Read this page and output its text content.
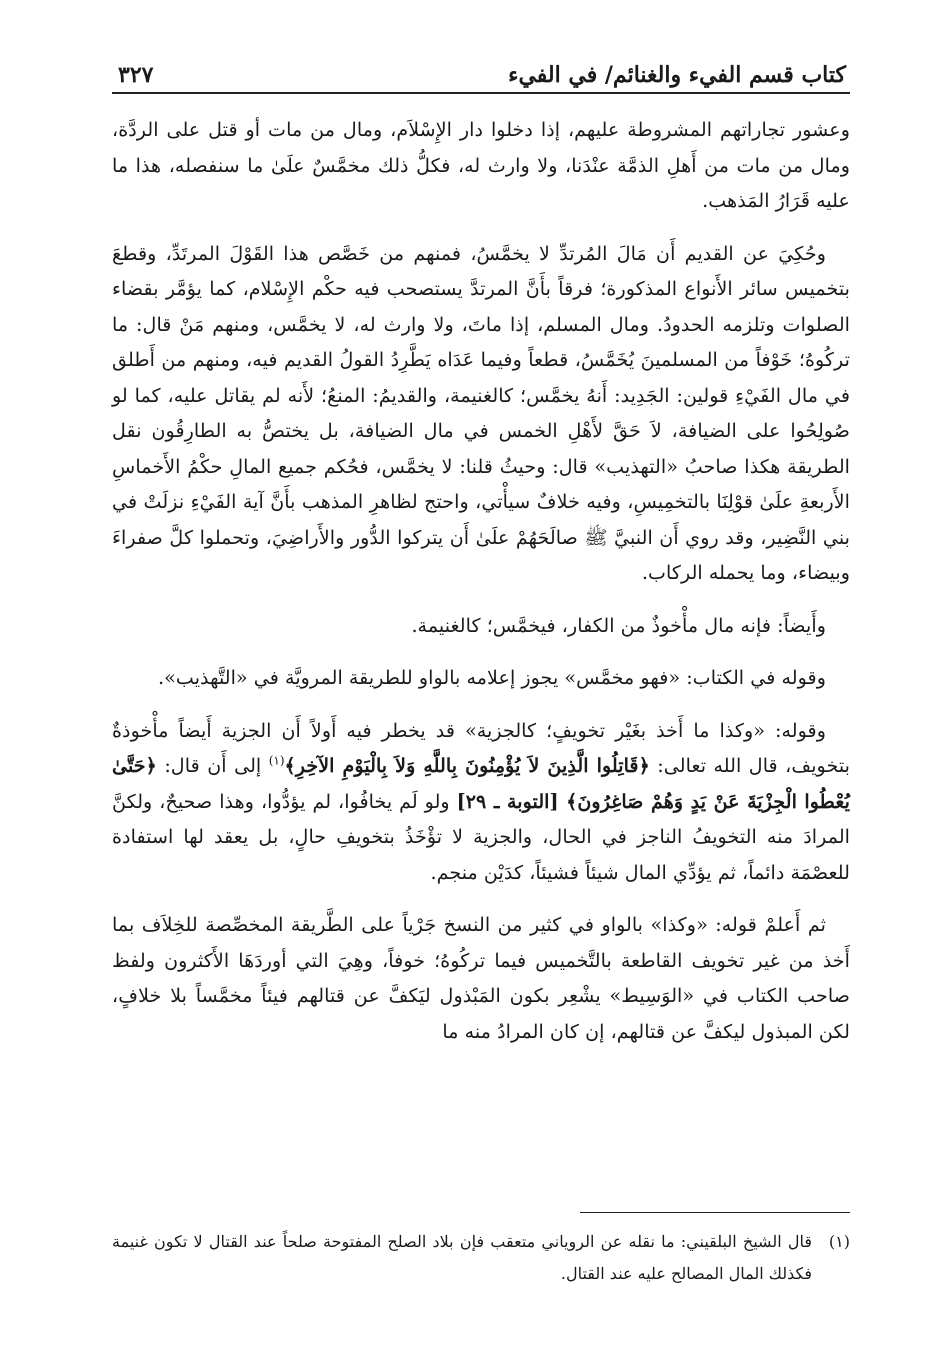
كتاب قسم الفيء والغنائم/ في الفيء
٣٢٧

وعشور تجاراتهم المشروطة عليهم، إذا دخلوا دار الإِسْلاَم، ومال من مات أو قتل على الردَّة، ومال من مات من أَهلِ الذمَّة عنْدَنا، ولا وارث له، فكلُّ ذلك مخمَّسٌ علَىٰ ما سنفصله، هذا ما عليه قَرَارُ المَذهب.

وحُكِيَ عن القديم أَن مَالَ المُرتدِّ لا يخمَّسُ، فمنهم من خَصَّص هذا القَوْلَ المرتَدِّ، وقطعَ بتخميس سائر الأَنواع المذكورة؛ فرقاً بأَنَّ المرتدَّ يستصحب فيه حكْم الإِسْلام، كما يؤمَّر بقضاء الصلوات وتلزمه الحدودُ. ومال المسلم، إذا ماتَ، ولا وارث له، لا يخمَّس، ومنهم مَنْ قال: ما تركُوهُ؛ خَوْفاً من المسلمينَ يُخَمَّسُ، قطعاً وفيما عَدَاه يَطَّرِدُ القولُ القديم فيه، ومنهم من أَطلق في مال الفَيْءِ قولين: الجَدِيد: أَنهُ يخمَّس؛ كالغنيمة، والقديمُ: المنعُ؛ لأَنه لم يقاتل عليه، كما لو صُولِحُوا على الضيافة، لاَ حَقَّ لأَهْلِ الخمس في مال الضيافة، بل يختصُّ به الطارِقُون نقل الطريقة هكذا صاحبُ «التهذيب» قال: وحيثُ قلنا: لا يخمَّس، فحُكم جميع المالِ حكْمُ الأَخماسِ الأَربعةِ علَىٰ قوْلِنَا بالتخمِيسِ، وفيه خلافٌ سيأْتي، واحتج لظاهرِ المذهب بأَنَّ آية الفَيْءِ نزلَتْ في بني النَّضِير، وقد روي أَن النبيَّ ﷺ صالَحَهُمْ علَىٰ أَن يتركوا الدُّور والأَراضِيَ، وتحملوا كلَّ صفراءَ وبيضاء، وما يحمله الركاب.

وأَيضاً: فإنه مال مأْخوذٌ من الكفار، فيخمَّس؛ كالغنيمة.

وقوله في الكتاب: «فهو مخمَّس» يجوز إعلامه بالواو للطريقة المرويَّة في «التَّهذيب».

وقوله: «وكذا ما أَخذ بغَيْر تخويفٍ؛ كالجزية» قد يخطر فيه أَولاً أَن الجزية أَيضاً مأْخوذةٌ بتخويف، قال الله تعالى: ﴿قَاتِلُوا الَّذِينَ لاَ يُؤْمِنُونَ بِاللَّهِ وَلاَ بِالْيَوْمِ الآخِرِ﴾$^{(١)}$ إلى أَن قال: ﴿حَتَّىٰ يُعْطُوا الْجِزْيَةَ عَنْ يَدٍ وَهُمْ صَاغِرُونَ﴾ [التوبة ـ ٢٩] ولو لَم يخافُوا، لم يؤدُّوا، وهذا صحيحٌ، ولكنَّ المرادَ منه التخويفُ الناجز في الحال، والجزية لا تؤْخَذُ بتخويفِ حالٍ، بل يعقد لها استفادة للعصْمَة دائماً، ثم يؤدِّي المال شيئاً فشيئاً، كدَيْن منجم.

ثم أَعلمْ قوله: «وكذا» بالواو في كثير من النسخ جَرْياً على الطَّريقة المخصِّصة للخِلاَف بما أَخذ من غير تخويف القاطعة بالتَّخميس فيما تركُوهُ؛ خوفاً، وهِيَ التي أوردَهَا الأَكثرون ولفظ صاحب الكتاب في «الوَسِيط» يشْعِر بكون المَبْذول ليَكفَّ عن قتالهم فيئاً مخمَّساً بلا خلافٍ، لكن المبذول ليكفَّ عن قتالهم، إن كان المرادُ منه ما

(١)
قال الشيخ البلقيني: ما نقله عن الروياني متعقب فإن بلاد الصلح المفتوحة صلحاً عند القتال لا تكون غنيمة فكذلك المال المصالح عليه عند القتال.
